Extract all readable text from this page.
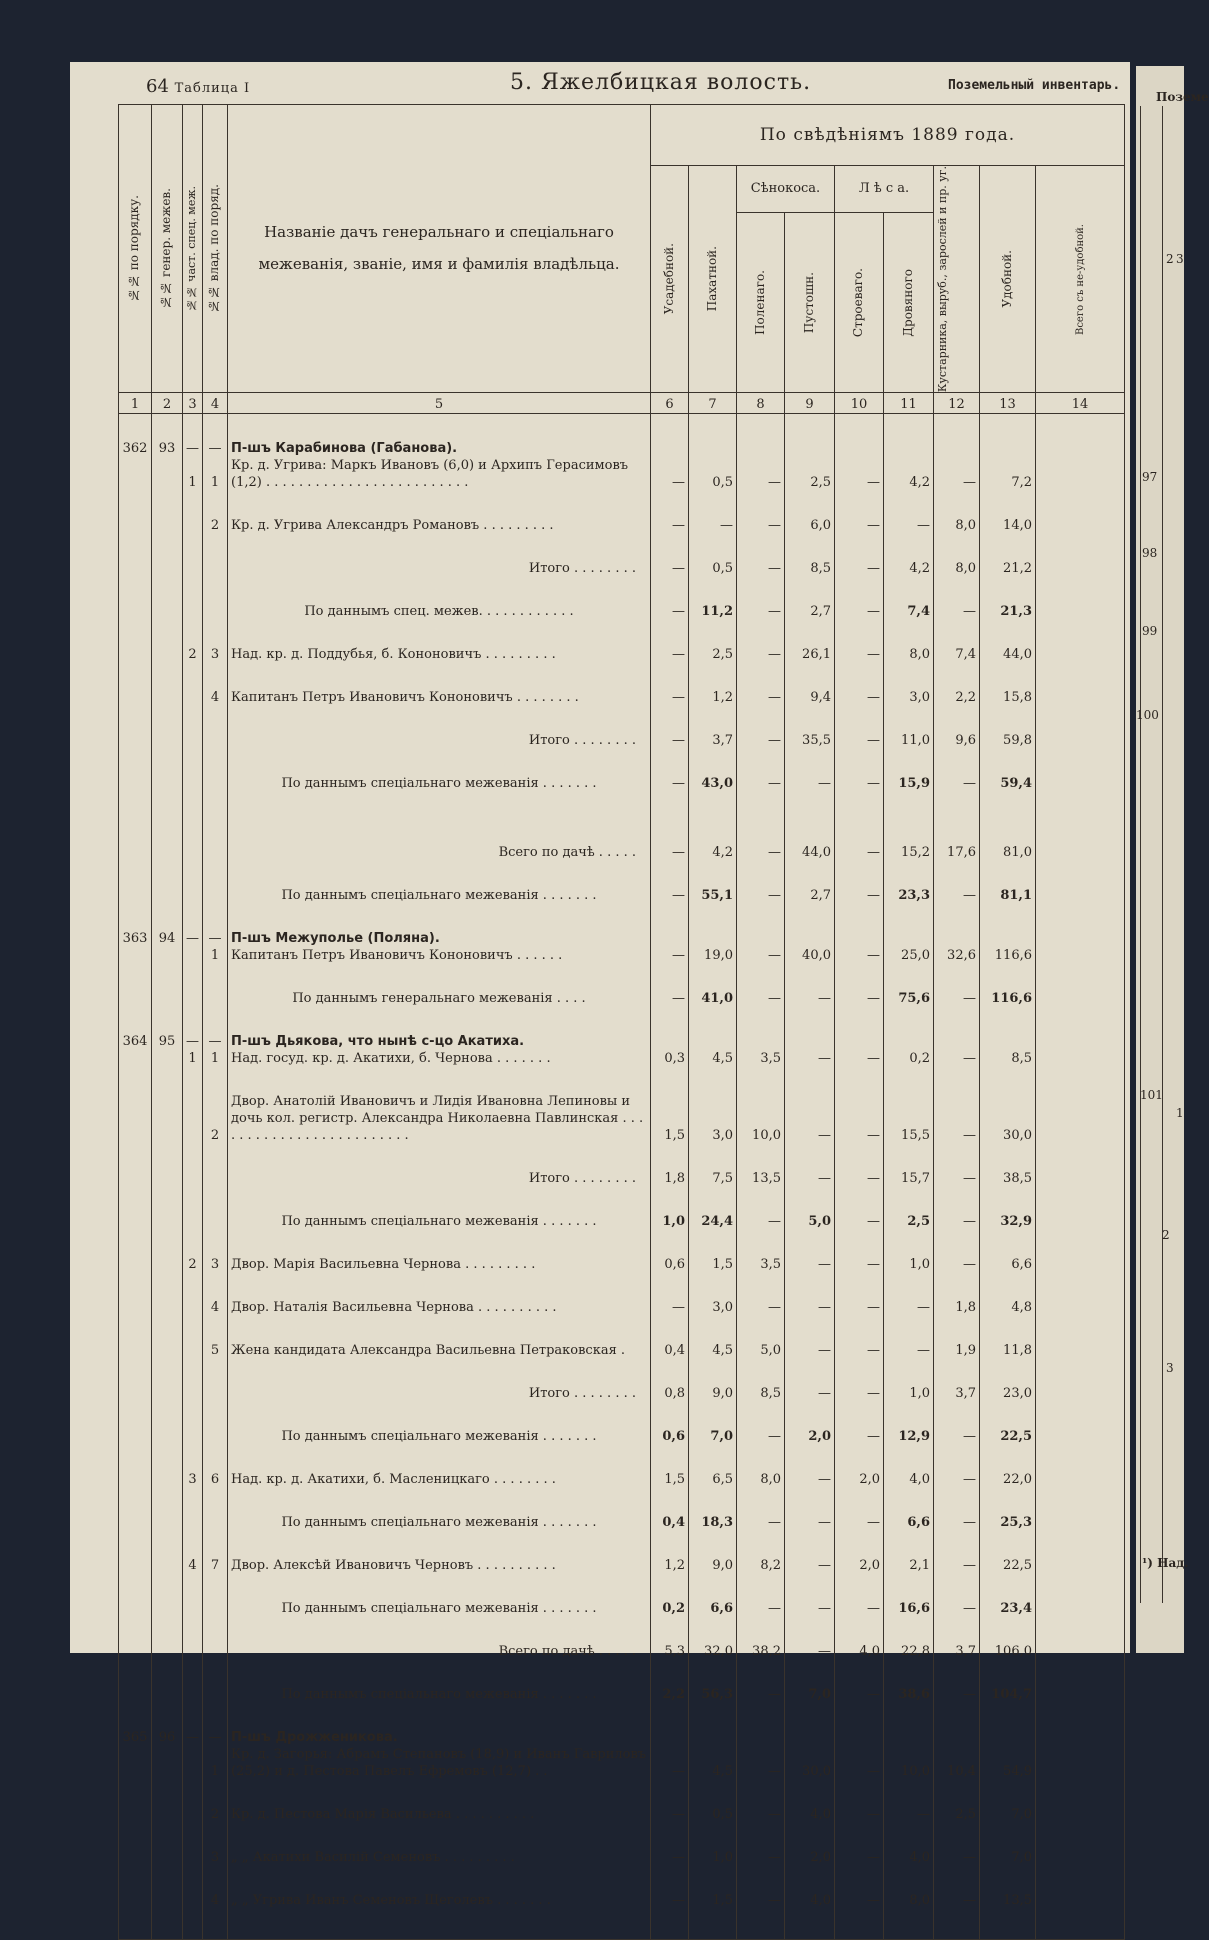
64 Таблица I	5. Яжелбицкая волость.	Поземельный инвентарь.
№№ по порядку.	№№ генер. межев.	№№ част. спец. меж.	№№ влад. по поряд.	Названіе дачъ генеральнаго и спеціальнаго межеванія, званіе, имя и фамилія владѣльца.	По свѣдѣніямъ 1889 года.								

					Усадебной.	Пахатной.	Сѣнокоса.		Л ѣ с а.		Кустарника, выруб., зарослей и пр. уг.	Удобной.	Всего съ не-удобной.

							Поленаго.	Пустошн.	Строеваго.	Дровяного			

1	2	3	4	5	6	7	8	9	10	11	12	13	14

362	93	—	—	П-шъ Карабинова (Габанова).									
		1	1	Кр. д. Угрива: Маркъ Ивановъ (6,0) и Архипъ Герасимовъ (1,2) . . . . . . . . . . . . . . . . . . . . . . . . .	—	0,5	—	2,5	—	4,2	—	7,2	

			2	Кр. д. Угрива Александръ Романовъ . . . . . . . . .	—	—	—	6,0	—	—	8,0	14,0	

				Итого . . . . . . . .	—	0,5	—	8,5	—	4,2	8,0	21,2	

				По даннымъ спец. межев. . . . . . . . . . . .	—	11,2	—	2,7	—	7,4	—	21,3	

		2	3	Над. кр. д. Поддубья, б. Кононовичъ . . . . . . . . .	—	2,5	—	26,1	—	8,0	7,4	44,0	

			4	Капитанъ Петръ Ивановичъ Кононовичъ . . . . . . . .	—	1,2	—	9,4	—	3,0	2,2	15,8	

				Итого . . . . . . . .	—	3,7	—	35,5	—	11,0	9,6	59,8	

				По даннымъ спеціальнаго межеванія . . . . . . .	—	43,0	—	—	—	15,9	—	59,4	

				Всего по дачѣ . . . . .	—	4,2	—	44,0	—	15,2	17,6	81,0	

				По даннымъ спеціальнаго межеванія . . . . . . .	—	55,1	—	2,7	—	23,3	—	81,1	

363	94	—	—	П-шъ Межуполье (Поляна).									
			1	Капитанъ Петръ Ивановичъ Кононовичъ . . . . . .	—	19,0	—	40,0	—	25,0	32,6	116,6	

				По даннымъ генеральнаго межеванія . . . .	—	41,0	—	—	—	75,6	—	116,6	

364	95	—	—	П-шъ Дьякова, что нынѣ с-цо Акатиха.									
		1	1	Над. госуд. кр. д. Акатихи, б. Чернова . . . . . . .	0,3	4,5	3,5	—	—	0,2	—	8,5	

			2	Двор. Анатолій Ивановичъ и Лидія Ивановна Лепиновы и дочь кол. регистр. Александра Николаевна Павлинская . . . . . . . . . . . . . . . . . . . . . . . . .	1,5	3,0	10,0	—	—	15,5	—	30,0	

				Итого . . . . . . . .	1,8	7,5	13,5	—	—	15,7	—	38,5	

				По даннымъ спеціальнаго межеванія . . . . . . .	1,0	24,4	—	5,0	—	2,5	—	32,9	

		2	3	Двор. Марія Васильевна Чернова . . . . . . . . .	0,6	1,5	3,5	—	—	1,0	—	6,6	

			4	Двор. Наталія Васильевна Чернова . . . . . . . . . .	—	3,0	—	—	—	—	1,8	4,8	

			5	Жена кандидата Александра Васильевна Петраковская .	0,4	4,5	5,0	—	—	—	1,9	11,8	

				Итого . . . . . . . .	0,8	9,0	8,5	—	—	1,0	3,7	23,0	

				По даннымъ спеціальнаго межеванія . . . . . . .	0,6	7,0	—	2,0	—	12,9	—	22,5	

		3	6	Над. кр. д. Акатихи, б. Масленицкаго . . . . . . . .	1,5	6,5	8,0	—	2,0	4,0	—	22,0	

				По даннымъ спеціальнаго межеванія . . . . . . .	0,4	18,3	—	—	—	6,6	—	25,3	

		4	7	Двор. Алексѣй Ивановичъ Черновъ . . . . . . . . . .	1,2	9,0	8,2	—	2,0	2,1	—	22,5	

				По даннымъ спеціальнаго межеванія . . . . . . .	0,2	6,6	—	—	—	16,6	—	23,4	

				Всего по дачѣ . . . . .	5,3	32,0	38,2	—	4,0	22,8	3,7	106,0	

				По даннымъ спеціальнаго межеванія . . . . . . .	2,2	56,3	—	7,0	—	38,6	—	104,7	

365	96	—	—	П-шъ Дрожженикова.									
			1	Кр. д. Загорья: Абрамъ Степановъ (18,9) и Иванъ Гавриловъ (25,2) и д. Пестова Павелъ Ефремовъ (12,7) . .	—	4,5	—	30,0	—	10,0	10,4	54,9	

			2	Кр. д. Пестова Марія Васильева . . . . . . . . . .	—	0,5	—	4,0	—	—	2,5	7,0	

			3	„ „ Акатихи Василій Семеновъ . . . . . . . . .	—	1,0	—	2,0	—	4,0	—	7,0	

			4	„ „ Угрива Иванъ Семеновъ Щеголевъ . . . . . . .	—	1,5	—	4,0	—	8,0	—	13,5	

Поземе
97
98
99
100
101
2
3
1
2 3
¹) Над.
